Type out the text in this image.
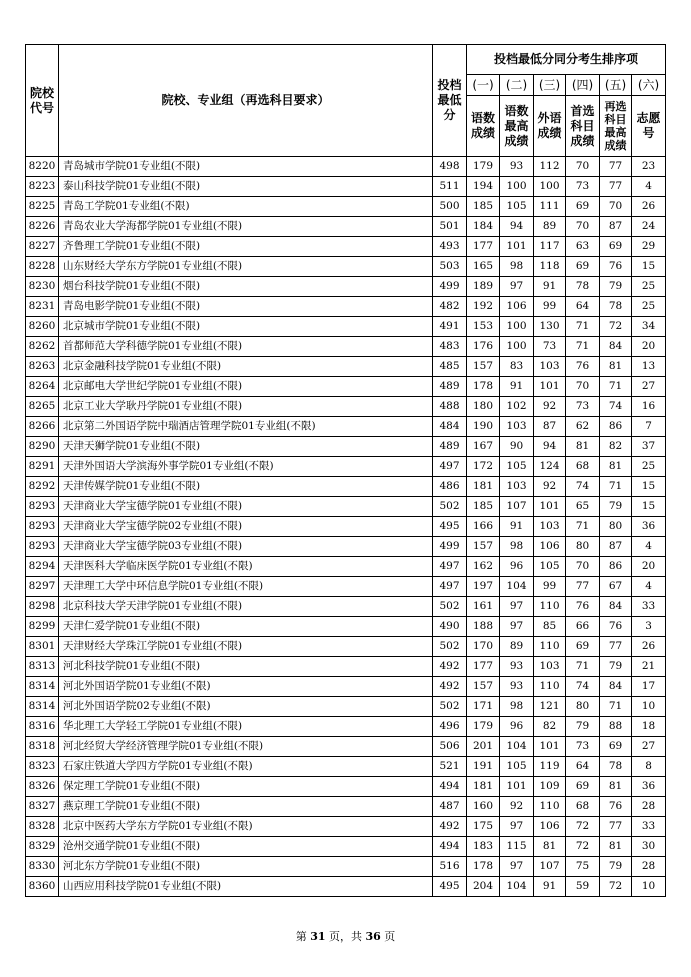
院校代号	院校、专业组（再选科目要求）	投档最低分	投档最低分同分考生排序项					
			(一)	(二)	(三)	(四)	(五)	(六)
			语数成绩	语数最高成绩	外语成绩	首选科目成绩	再选科目最高成绩	志愿号
8220	青岛城市学院01专业组(不限)	498	179	93	112	70	77	23
8223	泰山科技学院01专业组(不限)	511	194	100	100	73	77	4
8225	青岛工学院01专业组(不限)	500	185	105	111	69	70	26
8226	青岛农业大学海都学院01专业组(不限)	501	184	94	89	70	87	24
8227	齐鲁理工学院01专业组(不限)	493	177	101	117	63	69	29
8228	山东财经大学东方学院01专业组(不限)	503	165	98	118	69	76	15
8230	烟台科技学院01专业组(不限)	499	189	97	91	78	79	25
8231	青岛电影学院01专业组(不限)	482	192	106	99	64	78	25
8260	北京城市学院01专业组(不限)	491	153	100	130	71	72	34
8262	首都师范大学科德学院01专业组(不限)	483	176	100	73	71	84	20
8263	北京金融科技学院01专业组(不限)	485	157	83	103	76	81	13
8264	北京邮电大学世纪学院01专业组(不限)	489	178	91	101	70	71	27
8265	北京工业大学耿丹学院01专业组(不限)	488	180	102	92	73	74	16
8266	北京第二外国语学院中瑞酒店管理学院01专业组(不限)	484	190	103	87	62	86	7
8290	天津天狮学院01专业组(不限)	489	167	90	94	81	82	37
8291	天津外国语大学滨海外事学院01专业组(不限)	497	172	105	124	68	81	25
8292	天津传媒学院01专业组(不限)	486	181	103	92	74	71	15
8293	天津商业大学宝德学院01专业组(不限)	502	185	107	101	65	79	15
8293	天津商业大学宝德学院02专业组(不限)	495	166	91	103	71	80	36
8293	天津商业大学宝德学院03专业组(不限)	499	157	98	106	80	87	4
8294	天津医科大学临床医学院01专业组(不限)	497	162	96	105	70	86	20
8297	天津理工大学中环信息学院01专业组(不限)	497	197	104	99	77	67	4
8298	北京科技大学天津学院01专业组(不限)	502	161	97	110	76	84	33
8299	天津仁爱学院01专业组(不限)	490	188	97	85	66	76	3
8301	天津财经大学珠江学院01专业组(不限)	502	170	89	110	69	77	26
8313	河北科技学院01专业组(不限)	492	177	93	103	71	79	21
8314	河北外国语学院01专业组(不限)	492	157	93	110	74	84	17
8314	河北外国语学院02专业组(不限)	502	171	98	121	80	71	10
8316	华北理工大学轻工学院01专业组(不限)	496	179	96	82	79	88	18
8318	河北经贸大学经济管理学院01专业组(不限)	506	201	104	101	73	69	27
8323	石家庄铁道大学四方学院01专业组(不限)	521	191	105	119	64	78	8
8326	保定理工学院01专业组(不限)	494	181	101	109	69	81	36
8327	燕京理工学院01专业组(不限)	487	160	92	110	68	76	28
8328	北京中医药大学东方学院01专业组(不限)	492	175	97	106	72	77	33
8329	沧州交通学院01专业组(不限)	494	183	115	81	72	81	30
8330	河北东方学院01专业组(不限)	516	178	97	107	75	79	28
8360	山西应用科技学院01专业组(不限)	495	204	104	91	59	72	10
第 31 页，共 36 页
